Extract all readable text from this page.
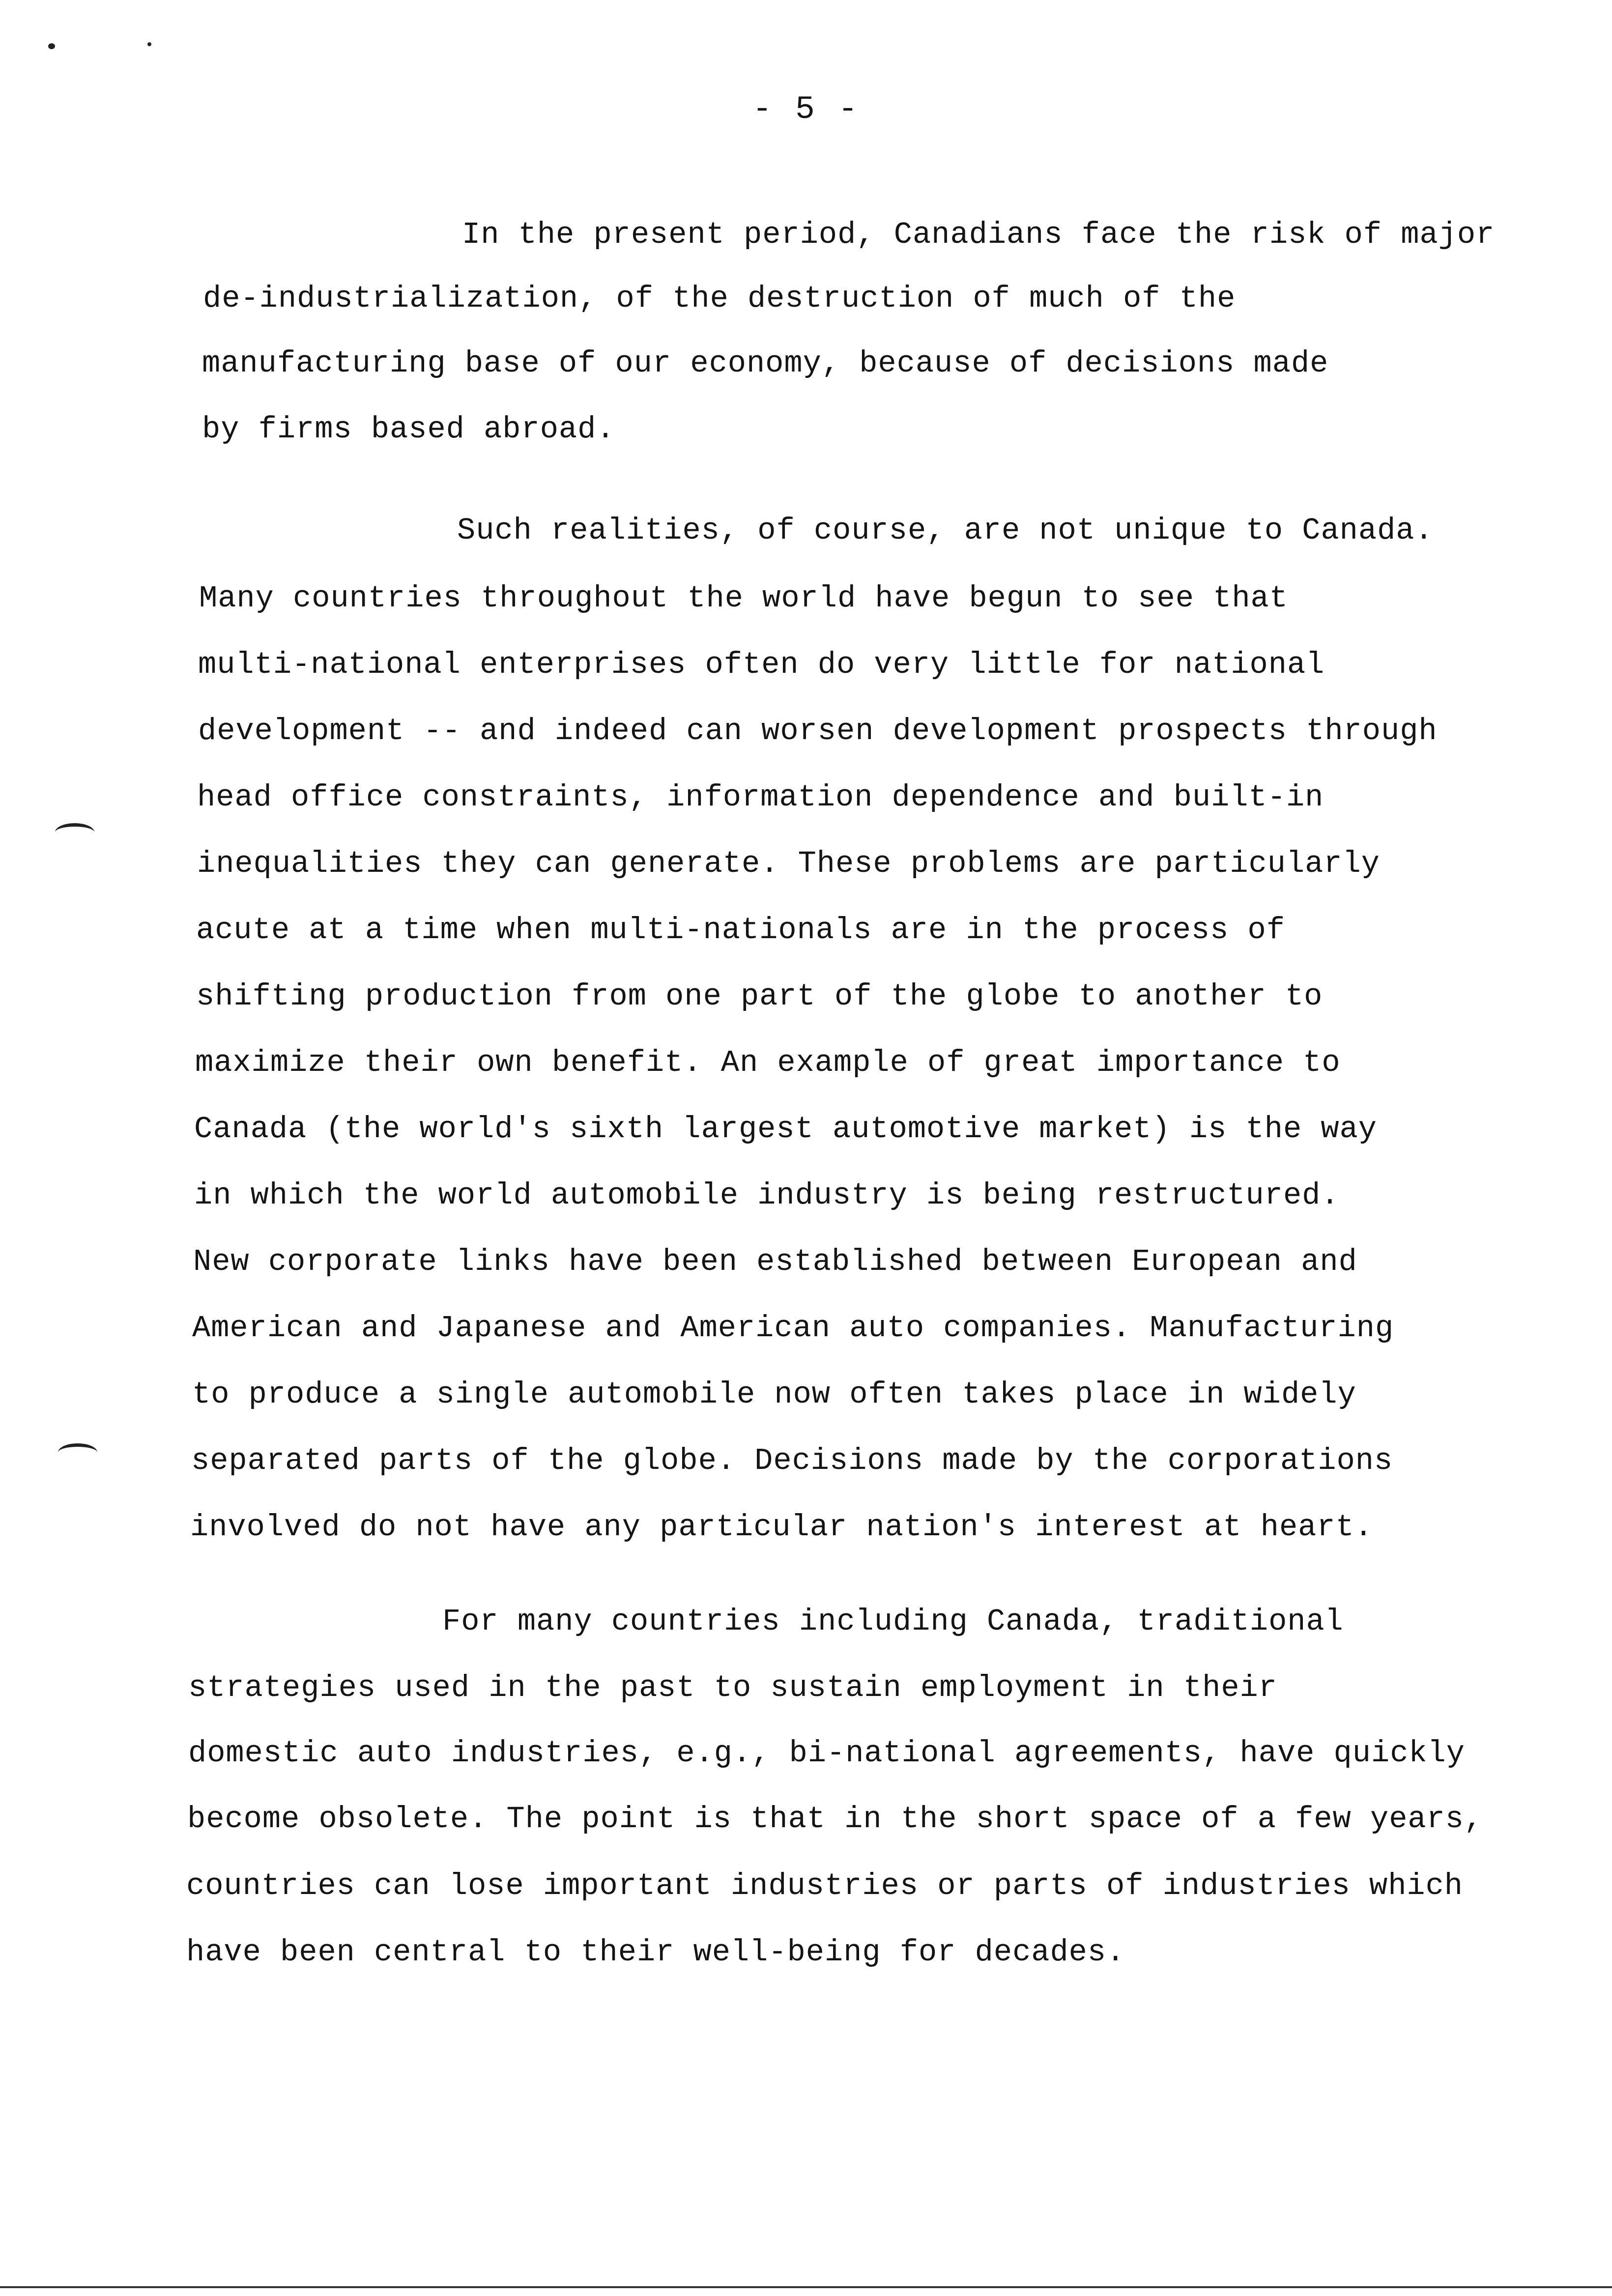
- 5 -
In the present period, Canadians face the risk of major
de-industrialization, of the destruction of much of the
manufacturing base of our economy, because of decisions made
by firms based abroad.
Such realities, of course, are not unique to Canada.
Many countries throughout the world have begun to see that
multi-national enterprises often do very little for national
development -- and indeed can worsen development prospects through
head office constraints, information dependence and built-in
inequalities they can generate. These problems are particularly
acute at a time when multi-nationals are in the process of
shifting production from one part of the globe to another to
maximize their own benefit. An example of great importance to
Canada (the world's sixth largest automotive market) is the way
in which the world automobile industry is being restructured.
New corporate links have been established between European and
American and Japanese and American auto companies. Manufacturing
to produce a single automobile now often takes place in widely
separated parts of the globe. Decisions made by the corporations
involved do not have any particular nation's interest at heart.
For many countries including Canada, traditional
strategies used in the past to sustain employment in their
domestic auto industries, e.g., bi-national agreements, have quickly
become obsolete. The point is that in the short space of a few years,
countries can lose important industries or parts of industries which
have been central to their well-being for decades.
